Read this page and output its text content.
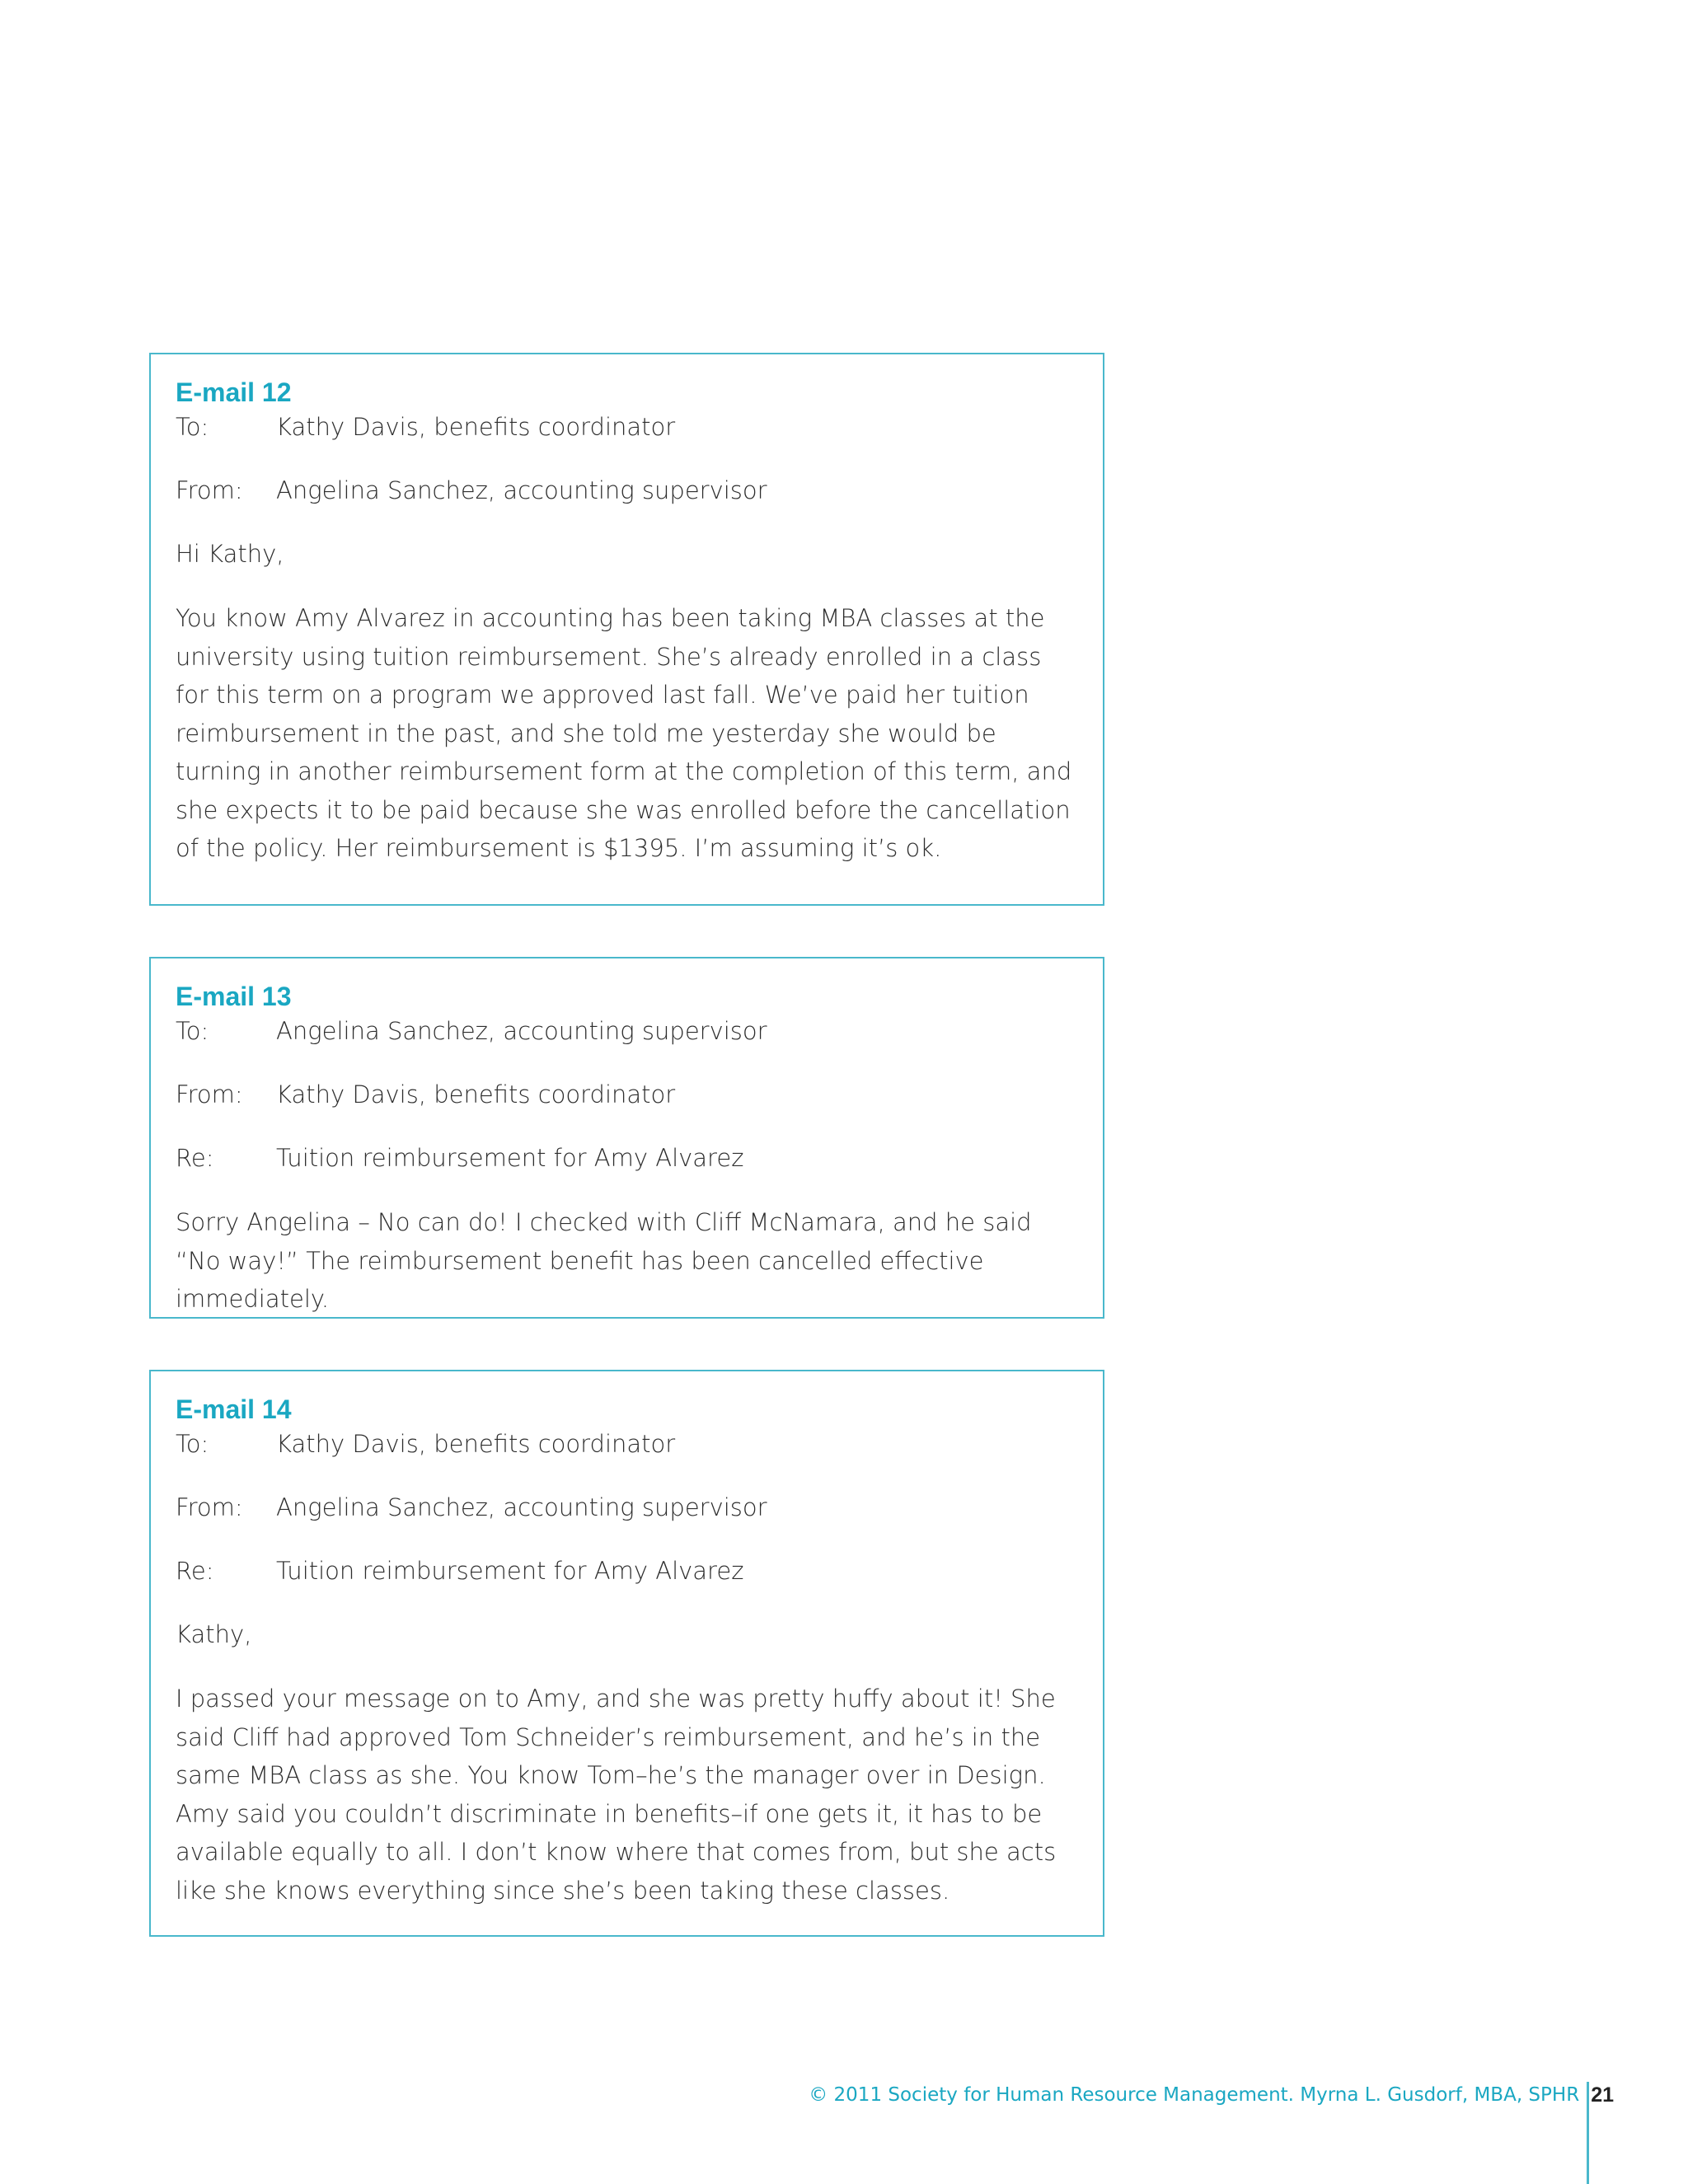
E-mail 12
To:	Kathy Davis, benefits coordinator
From:	Angelina Sanchez, accounting supervisor

Hi Kathy,

You know Amy Alvarez in accounting has been taking MBA classes at the university using tuition reimbursement. She’s already enrolled in a class for this term on a program we approved last fall. We’ve paid her tuition reimbursement in the past, and she told me yesterday she would be turning in another reimbursement form at the completion of this term, and she expects it to be paid because she was enrolled before the cancellation of the policy. Her reimbursement is $1395. I’m assuming it’s ok.

E-mail 13
To:	Angelina Sanchez, accounting supervisor
From:	Kathy Davis, benefits coordinator
Re:	Tuition reimbursement for Amy Alvarez

Sorry Angelina – No can do! I checked with Cliff McNamara, and he said “No way!” The reimbursement benefit has been cancelled effective immediately.

E-mail 14
To:	Kathy Davis, benefits coordinator
From:	Angelina Sanchez, accounting supervisor
Re:	Tuition reimbursement for Amy Alvarez

Kathy,

I passed your message on to Amy, and she was pretty huffy about it! She said Cliff had approved Tom Schneider’s reimbursement, and he’s in the same MBA class as she. You know Tom–he’s the manager over in Design. Amy said you couldn’t discriminate in benefits–if one gets it, it has to be available equally to all. I don’t know where that comes from, but she acts like she knows everything since she’s been taking these classes.

© 2011 Society for Human Resource Management. Myrna L. Gusdorf, MBA, SPHR 21
